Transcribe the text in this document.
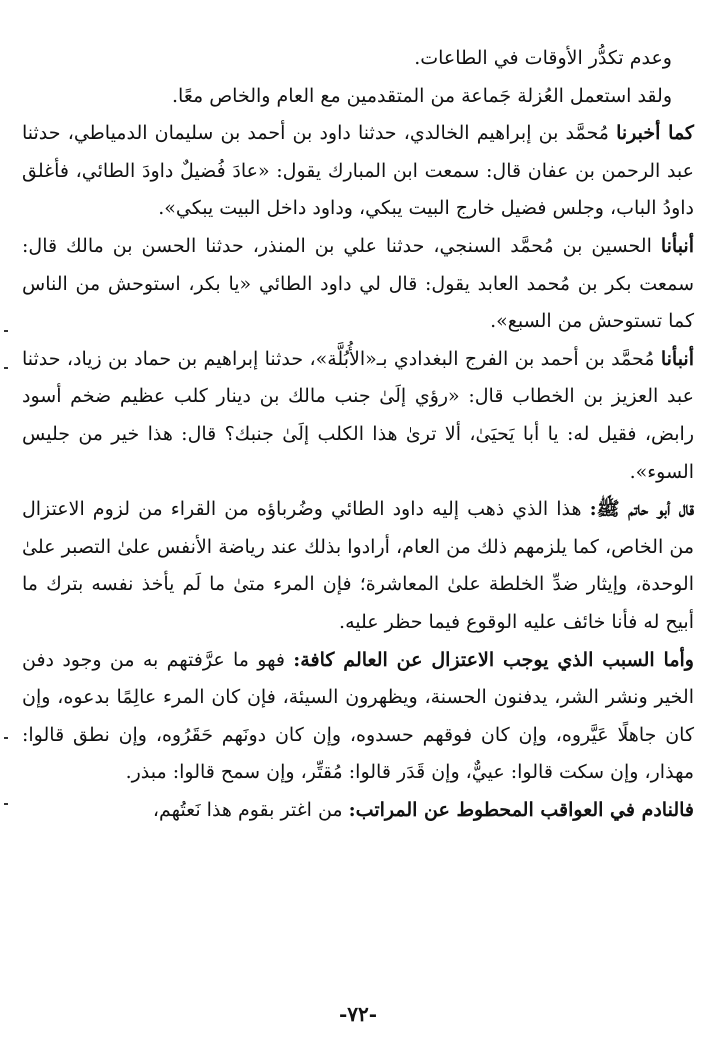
وعدم تكدُّر الأوقات في الطاعات.

ولقد استعمل العُزلة جَماعة من المتقدمين مع العام والخاص معًا.

كما أخبرنا مُحمَّد بن إبراهيم الخالدي، حدثنا داود بن أحمد بن سليمان الدمياطي، حدثنا عبد الرحمن بن عفان قال: سمعت ابن المبارك يقول: «عادَ فُضيلٌ داودَ الطائي، فأغلق داودُ الباب، وجلس فضيل خارج البيت يبكي، وداود داخل البيت يبكي».

أنبأنا الحسين بن مُحمَّد السنجي، حدثنا علي بن المنذر، حدثنا الحسن بن مالك قال: سمعت بكر بن مُحمد العابد يقول: قال لي داود الطائي «يا بكر، استوحش من الناس كما تستوحش من السبع».

أنبأنا مُحمَّد بن أحمد بن الفرج البغدادي بـ«الأُبُلَّة»، حدثنا إبراهيم بن حماد بن زياد، حدثنا عبد العزيز بن الخطاب قال: «رؤي إلَىٰ جنب مالك بن دينار كلب عظيم ضخم أسود رابض، فقيل له: يا أبا يَحيَىٰ، ألا ترىٰ هذا الكلب إلَىٰ جنبك؟ قال: هذا خير من جليس السوء».

قال أبو حاتم ﷺ: هذا الذي ذهب إليه داود الطائي وضُرباؤه من القراء من لزوم الاعتزال من الخاص، كما يلزمهم ذلك من العام، أرادوا بذلك عند رياضة الأنفس علىٰ التصبر علىٰ الوحدة، وإيثار ضدِّ الخلطة علىٰ المعاشرة؛ فإن المرء متىٰ ما لَم يأخذ نفسه بترك ما أبيح له فأنا خائف عليه الوقوع فيما حظر عليه.

وأما السبب الذي يوجب الاعتزال عن العالم كافة: فهو ما عرَّفتهم به من وجود دفن الخير ونشر الشر، يدفنون الحسنة، ويظهرون السيئة، فإن كان المرء عالِمًا بدعوه، وإن كان جاهلًا عَيَّروه، وإن كان فوقهم حسدوه، وإن كان دونَهم حَقَرُوه، وإن نطق قالوا: مهذار، وإن سكت قالوا: عييٌّ، وإن قَدَر قالوا: مُقتِّر، وإن سمح قالوا: مبذر.

فالنادم في العواقب المحطوط عن المراتب: من اغتر بقوم هذا نَعتُهم،

-٧٢-
